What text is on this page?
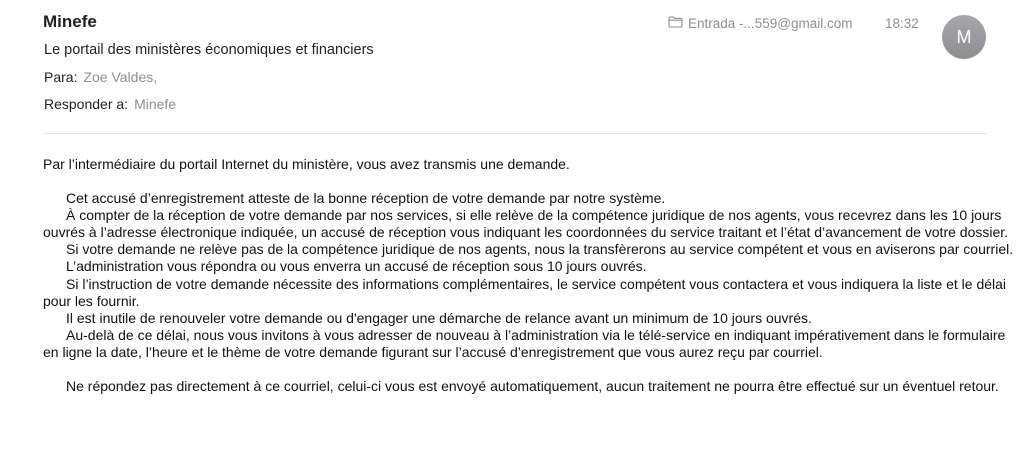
Minefe
Le portail des ministères économiques et financiers
Para: Zoe Valdes,
Responder a: Minefe
Entrada -...559@gmail.com 18:32
M

Par l’intermédiaire du portail Internet du ministère, vous avez transmis une demande.

Cet accusé d’enregistrement atteste de la bonne réception de votre demande par notre système.

À compter de la réception de votre demande par nos services, si elle relève de la compétence juridique de nos agents, vous recevrez dans les 10 jours ouvrés à l’adresse électronique indiquée, un accusé de réception vous indiquant les coordonnées du service traitant et l’état d’avancement de votre dossier.

Si votre demande ne relève pas de la compétence juridique de nos agents, nous la transfèrerons au service compétent et vous en aviserons par courriel.

L’administration vous répondra ou vous enverra un accusé de réception sous 10 jours ouvrés.

Si l’instruction de votre demande nécessite des informations complémentaires, le service compétent vous contactera et vous indiquera la liste et le délai pour les fournir.

Il est inutile de renouveler votre demande ou d'engager une démarche de relance avant un minimum de 10 jours ouvrés.

Au-delà de ce délai, nous vous invitons à vous adresser de nouveau à l’administration via le télé-service en indiquant impérativement dans le formulaire en ligne la date, l’heure et le thème de votre demande figurant sur l’accusé d’enregistrement que vous aurez reçu par courriel.

Ne répondez pas directement à ce courriel, celui-ci vous est envoyé automatiquement, aucun traitement ne pourra être effectué sur un éventuel retour.
